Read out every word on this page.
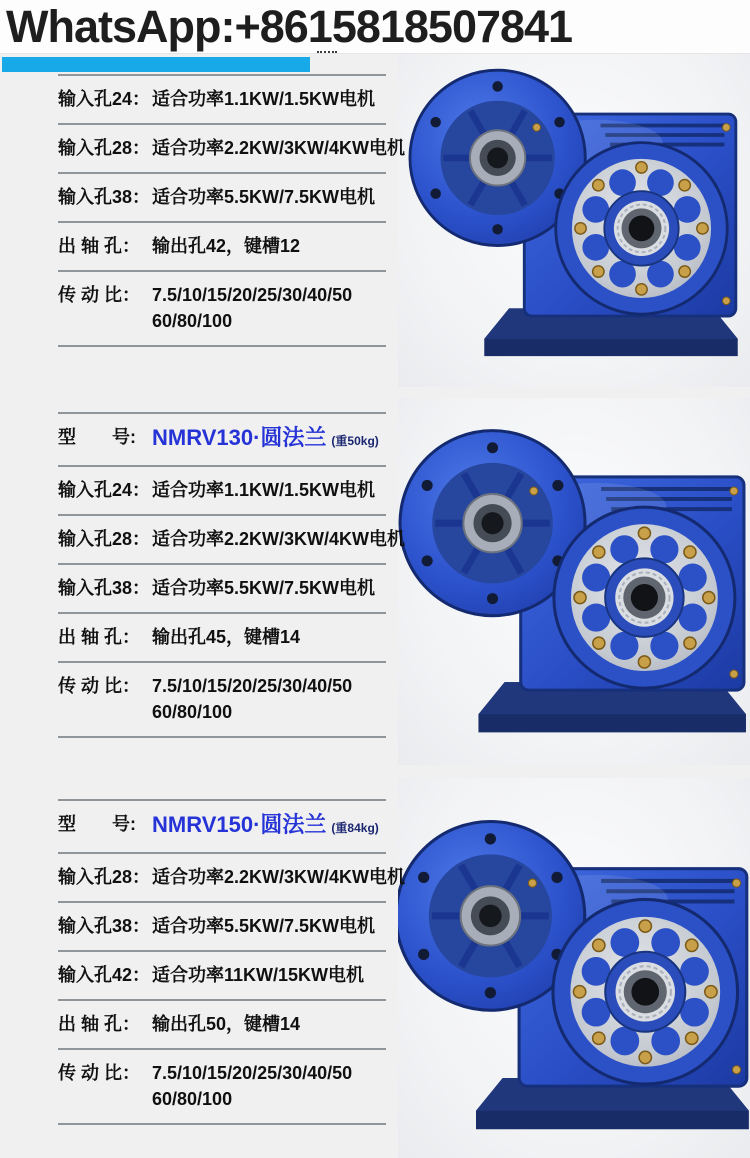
WhatsApp:+8615818507841
输入孔24： 适合功率1.1KW/1.5KW电机
输入孔28： 适合功率2.2KW/3KW/4KW电机
输入孔38： 适合功率5.5KW/7.5KW电机
出 轴 孔： 输出孔42，键槽12
传 动 比： 7.5/10/15/20/25/30/40/50
60/80/100
型　　号: NMRV130·圆法兰 (重50kg)
输入孔24： 适合功率1.1KW/1.5KW电机
输入孔28： 适合功率2.2KW/3KW/4KW电机
输入孔38： 适合功率5.5KW/7.5KW电机
出 轴 孔： 输出孔45，键槽14
传 动 比： 7.5/10/15/20/25/30/40/50
60/80/100
型　　号: NMRV150·圆法兰 (重84kg)
输入孔28： 适合功率2.2KW/3KW/4KW电机
输入孔38： 适合功率5.5KW/7.5KW电机
输入孔42： 适合功率11KW/15KW电机
出 轴 孔： 输出孔50，键槽14
传 动 比： 7.5/10/15/20/25/30/40/50
60/80/100
